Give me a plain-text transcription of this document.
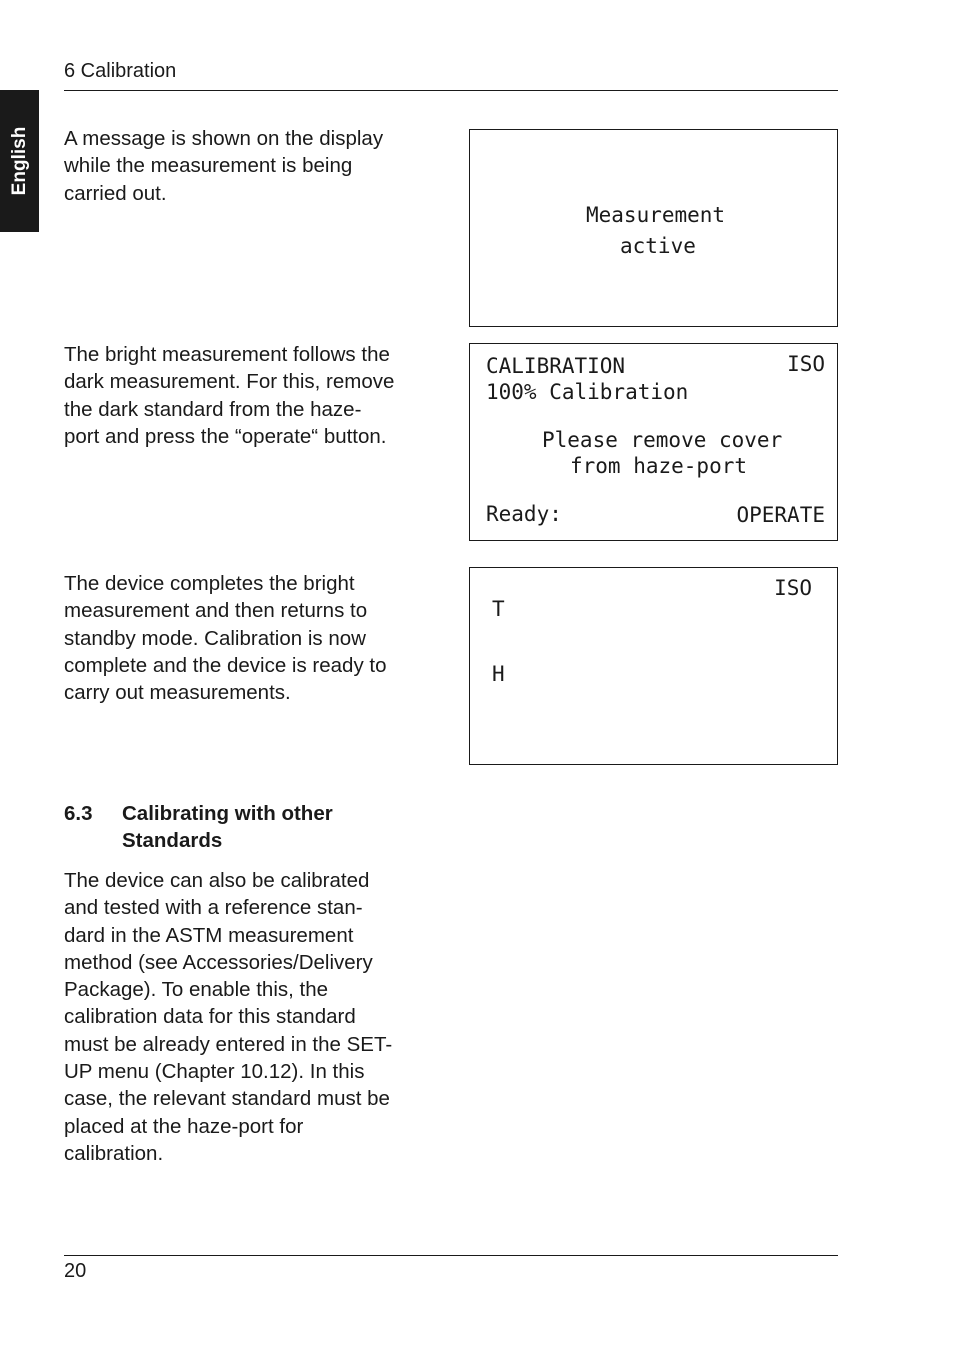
English
6 Calibration
A message is shown on the display
while the measurement is being
carried out.
Measurement
active
The bright measurement follows the
dark measurement. For this, remove
the dark standard from the haze-
port and press the “operate“ button.
CALIBRATION	ISO
100% Calibration
Please remove cover
from haze-port
Ready:	OPERATE
The device completes the bright
measurement and then returns to
standby mode. Calibration is now
complete and the device is ready to
carry out measurements.
ISO
T
H
6.3 Calibrating with other
Standards
The device can also be calibrated
and tested with a reference stan-
dard in the ASTM measurement
method (see Accessories/Delivery
Package). To enable this, the
calibration data for this standard
must be already entered in the SET-
UP menu (Chapter 10.12). In this
case, the relevant standard must be
placed at the haze-port for
calibration.
20
